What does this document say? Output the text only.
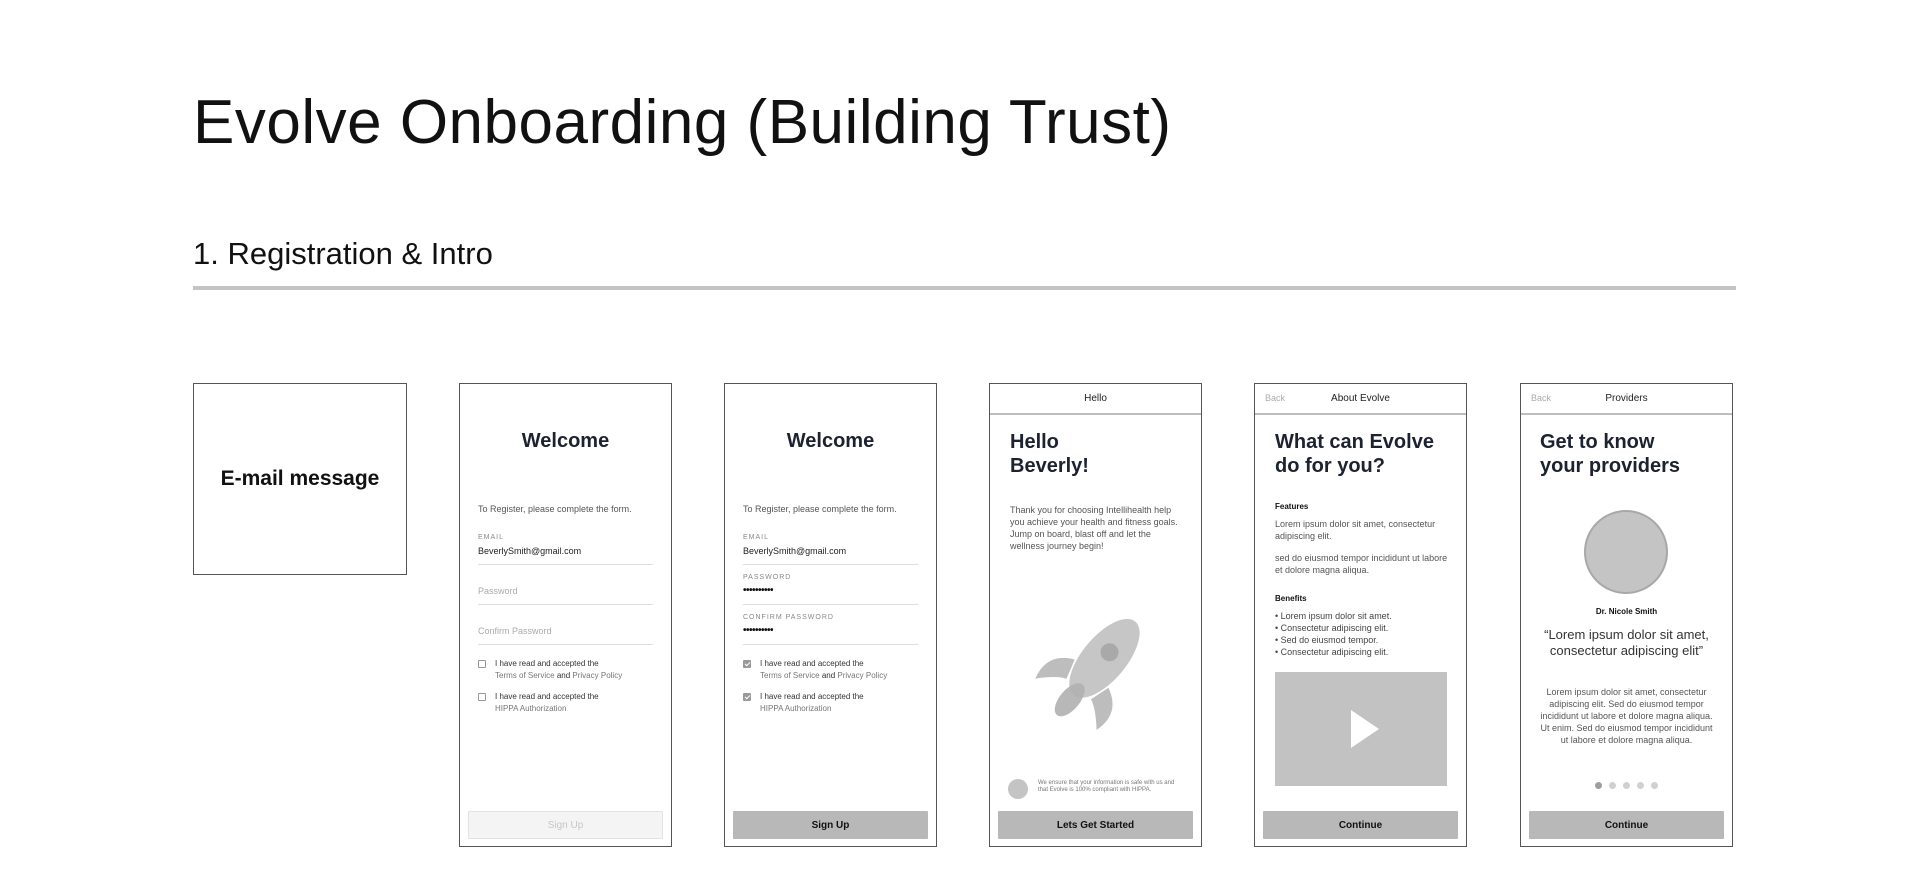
Evolve Onboarding (Building Trust)
1. Registration & Intro
E-mail message
Welcome
To Register, please complete the form.
EMAIL
BeverlySmith@gmail.com
Password
Confirm Password
I have read and accepted the
Terms of Service and Privacy Policy
I have read and accepted the
HIPPA Authorization
Sign Up
Welcome
To Register, please complete the form.
EMAIL
BeverlySmith@gmail.com
PASSWORD
••••••••••
CONFIRM PASSWORD
••••••••••
I have read and accepted the
Terms of Service and Privacy Policy
I have read and accepted the
HIPPA Authorization
Sign Up
Hello
Hello
Beverly!
Thank you for choosing Intellihealth help you achieve your health and fitness goals. Jump on board, blast off and let the wellness journey begin!
We ensure that your information is safe with us and that Evolve is 100% compliant with HIPPA.
Lets Get Started
Back	About Evolve
What can Evolve
do for you?
Features
Lorem ipsum dolor sit amet, consectetur adipiscing elit.
sed do eiusmod tempor incididunt ut labore et dolore magna aliqua.
Benefits
• Lorem ipsum dolor sit amet.
• Consectetur adipiscing elit.
• Sed do eiusmod tempor.
• Consectetur adipiscing elit.
Continue
Back	Providers
Get to know
your providers
Dr. Nicole Smith
“Lorem ipsum dolor sit amet, consectetur adipiscing elit”
Lorem ipsum dolor sit amet, consectetur adipiscing elit. Sed do eiusmod tempor incididunt ut labore et dolore magna aliqua. Ut enim. Sed do eiusmod tempor incididunt ut labore et dolore magna aliqua.
Continue
